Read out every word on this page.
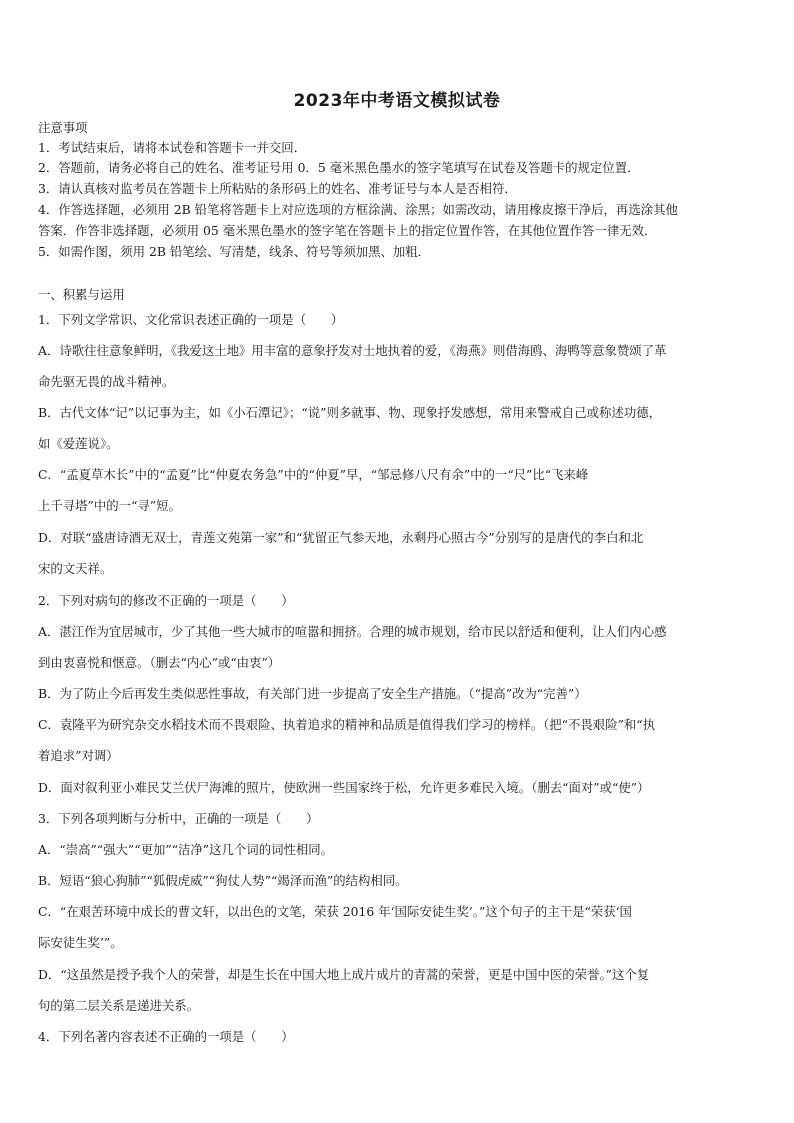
2023年中考语文模拟试卷
注意事项
1．考试结束后，请将本试卷和答题卡一并交回．
2．答题前，请务必将自己的姓名、准考证号用 0．5 毫米黑色墨水的签字笔填写在试卷及答题卡的规定位置．
3．请认真核对监考员在答题卡上所粘贴的条形码上的姓名、准考证号与本人是否相符．
4．作答选择题，必须用 2B 铅笔将答题卡上对应选项的方框涂满、涂黑；如需改动，请用橡皮擦干净后，再选涂其他
答案．作答非选择题，必须用 05 毫米黑色墨水的签字笔在答题卡上的指定位置作答，在其他位置作答一律无效．
5．如需作图，须用 2B 铅笔绘、写清楚，线条、符号等须加黑、加粗．
一、积累与运用
1．下列文学常识、文化常识表述正确的一项是（　　）
A．诗歌往往意象鲜明，《我爱这土地》用丰富的意象抒发对土地执着的爱，《海燕》则借海鸥、海鸭等意象赞颂了革
命先驱无畏的战斗精神。
B．古代文体“记”以记事为主，如《小石潭记》；“说”则多就事、物、现象抒发感想，常用来警戒自己或称述功德，
如《爱莲说》。
C．“孟夏草木长”中的“孟夏”比“仲夏农务急”中的“仲夏”早，“邹忌修八尺有余”中的一“尺”比“飞来峰
上千寻塔”中的一“寻”短。
D．对联“盛唐诗酒无双士，青莲文苑第一家”和“犹留正气参天地，永剩丹心照古今”分别写的是唐代的李白和北
宋的文天祥。
2．下列对病句的修改不正确的一项是（　　）
A．湛江作为宜居城市，少了其他一些大城市的喧嚣和拥挤。合理的城市规划，给市民以舒适和便利，让人们内心感
到由衷喜悦和惬意。（删去“内心”或“由衷”）
B．为了防止今后再发生类似恶性事故，有关部门进一步提高了安全生产措施。（“提高”改为“完善”）
C．袁隆平为研究杂交水稻技术而不畏艰险、执着追求的精神和品质是值得我们学习的榜样。（把“不畏艰险”和“执
着追求”对调）
D．面对叙利亚小难民艾兰伏尸海滩的照片，使欧洲一些国家终于松，允许更多难民入境。（删去“面对”或“使”）
3．下列各项判断与分析中，正确的一项是（　　）
A．“崇高”“强大”“更加”“洁净”这几个词的词性相同。
B．短语“狼心狗肺”“狐假虎威”“狗仗人势”“竭泽而渔”的结构相同。
C．“在艰苦环境中成长的曹文轩，以出色的文笔，荣获 2016 年‘国际安徒生奖’。”这个句子的主干是“荣获‘国
际安徒生奖’”。
D．“这虽然是授予我个人的荣誉，却是生长在中国大地上成片成片的青蒿的荣誉，更是中国中医的荣誉。”这个复
句的第二层关系是递进关系。
4．下列名著内容表述不正确的一项是（　　）
